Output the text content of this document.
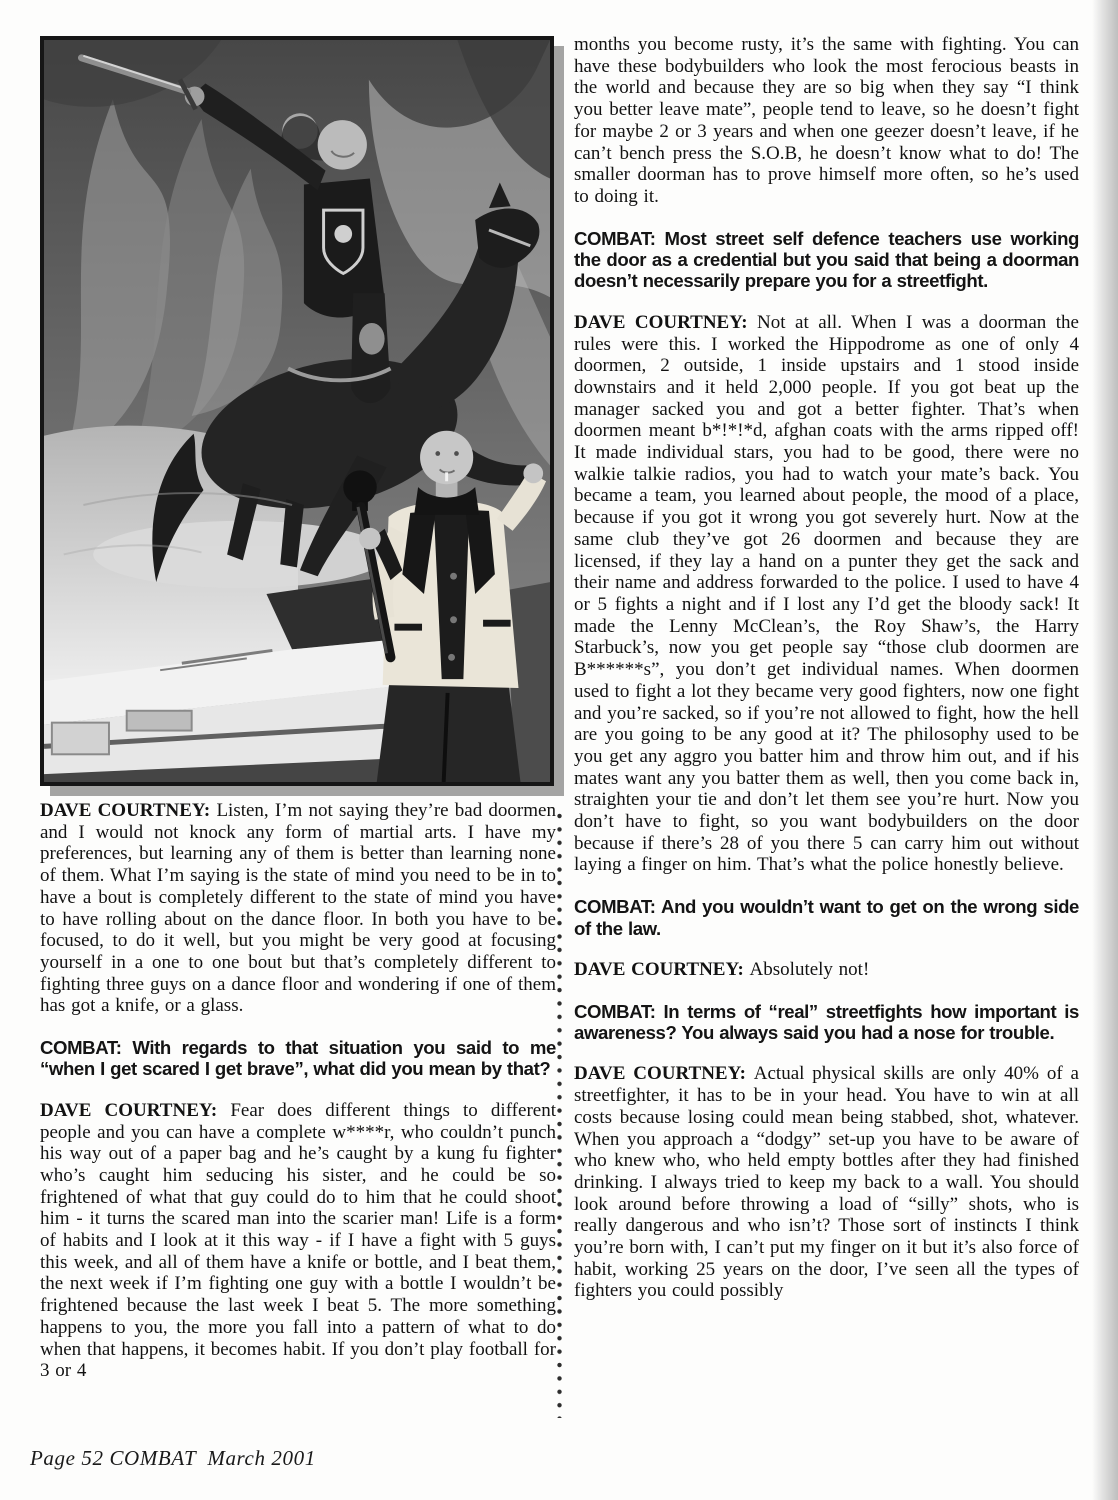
DAVE COURTNEY: Listen, I’m not saying they’re bad doormen and I would not knock any form of martial arts. I have my preferences, but learning any of them is better than learning none of them. What I’m saying is the state of mind you need to be in to have a bout is completely different to the state of mind you have to have rolling about on the dance floor. In both you have to be focused, to do it well, but you might be very good at focusing yourself in a one to one bout but that’s completely different to fighting three guys on a dance floor and wondering if one of them has got a knife, or a glass.
COMBAT: With regards to that situation you said to me “when I get scared I get brave”, what did you mean by that?
DAVE COURTNEY: Fear does different things to different people and you can have a complete w****r, who couldn’t punch his way out of a paper bag and he’s caught by a kung fu fighter who’s caught him seducing his sister, and he could be so frightened of what that guy could do to him that he could shoot him - it turns the scared man into the scarier man! Life is a form of habits and I look at it this way - if I have a fight with 5 guys this week, and all of them have a knife or bottle, and I beat them, the next week if I’m fighting one guy with a bottle I wouldn’t be frightened because the last week I beat 5. The more something happens to you, the more you fall into a pattern of what to do when that happens, it becomes habit. If you don’t play football for 3 or 4
months you become rusty, it’s the same with fighting. You can have these bodybuilders who look the most ferocious beasts in the world and because they are so big when they say “I think you better leave mate”, people tend to leave, so he doesn’t fight for maybe 2 or 3 years and when one geezer doesn’t leave, if he can’t bench press the S.O.B, he doesn’t know what to do! The smaller doorman has to prove himself more often, so he’s used to doing it.
COMBAT: Most street self defence teachers use working the door as a credential but you said that being a doorman doesn’t necessarily prepare you for a streetfight.
DAVE COURTNEY: Not at all. When I was a doorman the rules were this. I worked the Hippodrome as one of only 4 doormen, 2 outside, 1 inside upstairs and 1 stood inside downstairs and it held 2,000 people. If you got beat up the manager sacked you and got a better fighter. That’s when doormen meant b*!*!*d, afghan coats with the arms ripped off! It made individual stars, you had to be good, there were no walkie talkie radios, you had to watch your mate’s back. You became a team, you learned about people, the mood of a place, because if you got it wrong you got severely hurt. Now at the same club they’ve got 26 doormen and because they are licensed, if they lay a hand on a punter they get the sack and their name and address forwarded to the police. I used to have 4 or 5 fights a night and if I lost any I’d get the bloody sack! It made the Lenny McClean’s, the Roy Shaw’s, the Harry Starbuck’s, now you get people say “those club doormen are B******s”, you don’t get individual names. When doormen used to fight a lot they became very good fighters, now one fight and you’re sacked, so if you’re not allowed to fight, how the hell are you going to be any good at it? The philosophy used to be you get any aggro you batter him and throw him out, and if his mates want any you batter them as well, then you come back in, straighten your tie and don’t let them see you’re hurt. Now you don’t have to fight, so you want bodybuilders on the door because if there’s 28 of you there 5 can carry him out without laying a finger on him. That’s what the police honestly believe.
COMBAT: And you wouldn’t want to get on the wrong side of the law.
DAVE COURTNEY: Absolutely not!
COMBAT: In terms of “real” streetfights how important is awareness? You always said you had a nose for trouble.
DAVE COURTNEY: Actual physical skills are only 40% of a streetfighter, it has to be in your head. You have to win at all costs because losing could mean being stabbed, shot, whatever. When you approach a “dodgy” set-up you have to be aware of who knew who, who held empty bottles after they had finished drinking. I always tried to keep my back to a wall. You should look around before throwing a load of “silly” shots, who is really dangerous and who isn’t? Those sort of instincts I think you’re born with, I can’t put my finger on it but it’s also force of habit, working 25 years on the door, I’ve seen all the types of fighters you could possibly
Page 52 COMBAT March 2001
